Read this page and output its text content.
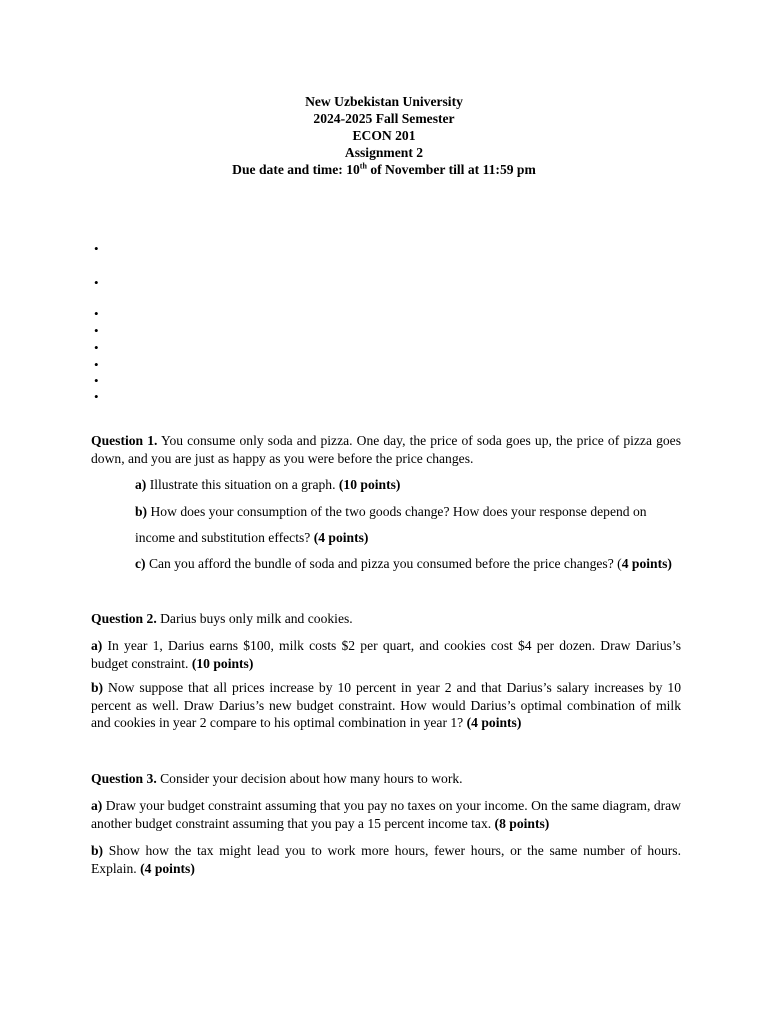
New Uzbekistan University
2024-2025 Fall Semester
ECON 201
Assignment 2
Due date and time: 10th of November till at 11:59 pm
•
•
•
•
•
•
•
•
Question 1. You consume only soda and pizza. One day, the price of soda goes up, the price of pizza goes down, and you are just as happy as you were before the price changes.
a) Illustrate this situation on a graph. (10 points)
b) How does your consumption of the two goods change? How does your response depend on
income and substitution effects? (4 points)
c) Can you afford the bundle of soda and pizza you consumed before the price changes? (4 points)
Question 2. Darius buys only milk and cookies.
a) In year 1, Darius earns $100, milk costs $2 per quart, and cookies cost $4 per dozen. Draw Darius’s budget constraint. (10 points)
b) Now suppose that all prices increase by 10 percent in year 2 and that Darius’s salary increases by 10 percent as well. Draw Darius’s new budget constraint. How would Darius’s optimal combination of milk and cookies in year 2 compare to his optimal combination in year 1? (4 points)
Question 3. Consider your decision about how many hours to work.
a) Draw your budget constraint assuming that you pay no taxes on your income. On the same diagram, draw another budget constraint assuming that you pay a 15 percent income tax. (8 points)
b) Show how the tax might lead you to work more hours, fewer hours, or the same number of hours. Explain. (4 points)
